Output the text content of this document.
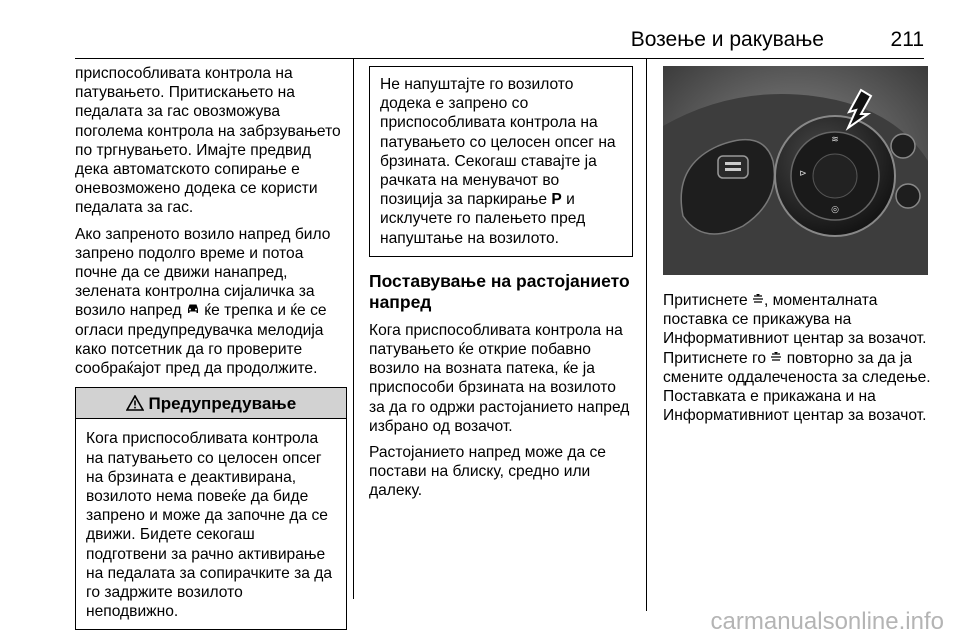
Возење и ракување	211

приспособливата контрола на патувањето. Притискањето на педалата за гас овозможува поголема контрола на забрзувањето по тргнувањето. Имајте предвид дека автоматското сопирање е оневозможено додека се користи педалата за гас.

Ако запреното возило напред било запрено подолго време и потоа почне да се движи нанапред, зелената контролна сијаличка за возило напред ќе трепка и ќе се огласи предупредувачка мелодија како потсетник да го проверите сообраќајот пред да продолжите.

Предупредување

Кога приспособливата контрола на патувањето со целосен опсег на брзината е деактивирана, возилото нема повеќе да биде запрено и може да започне да се движи. Бидете секогаш подготвени за рачно активирање на педалата за сопирачките за да го задржите возилото неподвижно.

Не напуштајте го возилото додека е запрено со приспособливата контрола на патувањето со целосен опсег на брзината. Секогаш ставајте ја рачката на менувачот во позиција за паркирање P и исклучете го палењето пред напуштање на возилото.

Поставување на растојанието напред

Кога приспособливата контрола на патувањето ќе открие побавно возило на возната патека, ќе ја приспособи брзината на возилото за да го одржи растојанието напред избрано од возачот.

Растојанието напред може да се постави на блиску, средно или далеку.

≋
⊳
◎

Притиснете , моменталната поставка се прикажува на Информативниот центар за возачот. Притиснете го повторно за да ја смените оддалеченоста за следење. Поставката е прикажана и на Информативниот центар за возачот.

carmanualsonline.info
